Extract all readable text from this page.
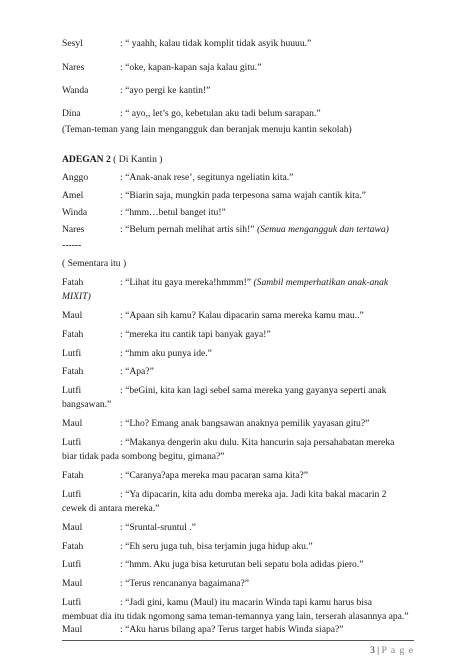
Sesyl	: “ yaahh, kalau tidak komplit tidak asyik huuuu.”
Nares	: “oke, kapan-kapan saja kalau gitu.”
Wanda	: “ayo pergi ke kantin!”
Dina	: “ ayo,, let’s go, kebetulan aku tadi belum sarapan.”
(Teman-teman yang lain mengangguk dan beranjak menuju kantin sekolah)
ADEGAN 2 ( Di Kantin )
Anggo	: “Anak-anak rese’, segitunya ngeliatin kita.”
Amel	: “Biarin saja, mungkin pada terpesona sama wajah cantik kita.”
Winda	: “hmm…betul banget itu!”
Nares	: “Belum pernah melihat artis sih!” (Semua mengangguk dan tertawa)
------
( Sementara itu )
Fatah	: “Lihat itu gaya mereka!hmmm!” (Sambil memperhatikan anak-anak
MIXIT)
Maul	: “Apaan sih kamu? Kalau dipacarin sama mereka kamu mau..”
Fatah	: “mereka itu cantik tapi banyak gaya!”
Lutfi	: “hmm aku punya ide.”
Fatah	: “Apa?”
Lutfi	: “beGini, kita kan lagi sebel sama mereka yang gayanya seperti anak
bangsawan.”
Maul	: “Lho? Emang anak bangsawan anaknya pemilik yayasan gitu?”
Lutfi	: “Makanya dengerin aku dulu. Kita hancurin saja persahabatan mereka
biar tidak pada sombong begitu, gimana?”
Fatah	: “Caranya?apa mereka mau pacaran sama kita?”
Lutfi	: “Ya dipacarin, kita adu domba mereka aja. Jadi kita bakal macarin 2
cewek di antara mereka.”
Maul	: “Sruntal-sruntul .”
Fatah	: “Eh seru juga tuh, bisa terjamin juga hidup aku.”
Lutfi	: “hmm. Aku juga bisa keturutan beli sepatu bola adidas piero.”
Maul	: “Terus rencananya bagaimana?”
Lutfi	: “Jadi gini, kamu (Maul) itu macarin Winda tapi kamu harus bisa
membuat dia itu tidak ngomong sama teman-temannya yang lain, terserah alasannya apa.”
Maul	: “Aku harus bilang apa? Terus target habis Winda siapa?”
3 | P a g e
